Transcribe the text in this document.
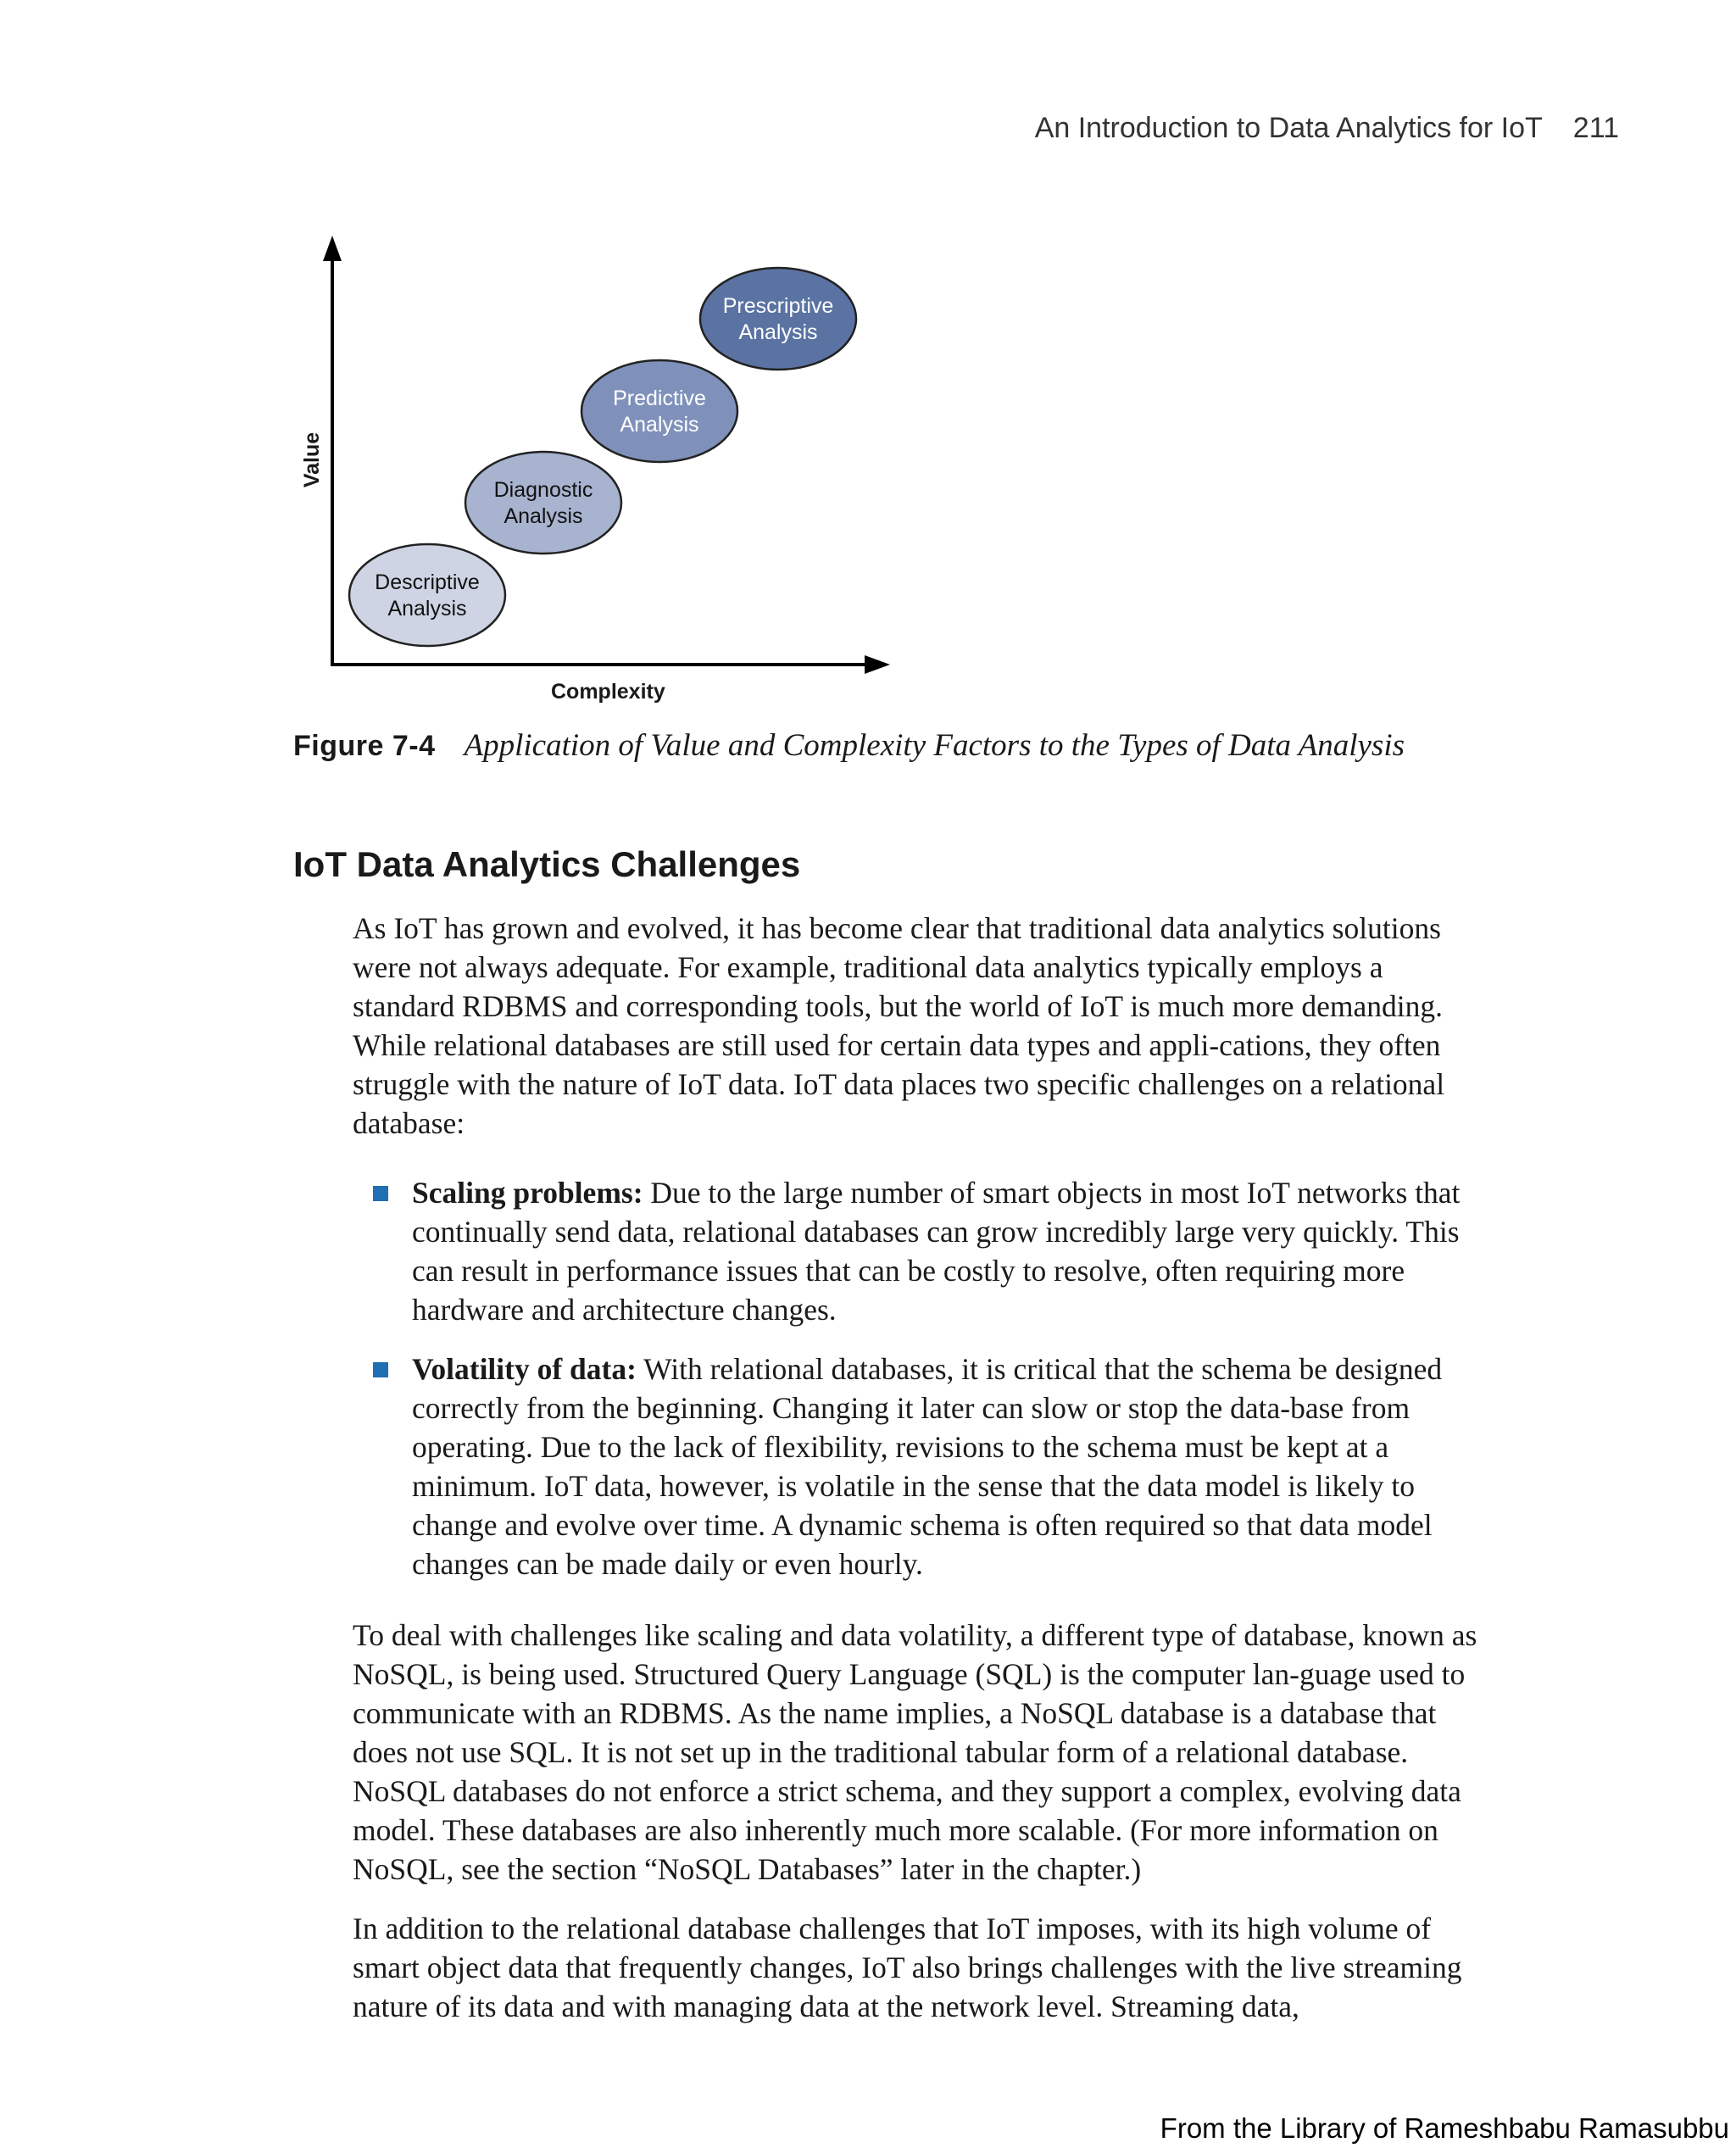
An Introduction to Data Analytics for IoT 211
Value
Complexity
Descriptive
Analysis
Diagnostic
Analysis
Predictive
Analysis
Prescriptive
Analysis
Figure 7-4 Application of Value and Complexity Factors to the Types of Data Analysis
IoT Data Analytics Challenges

As IoT has grown and evolved, it has become clear that traditional data analytics solutions were not always adequate. For example, traditional data analytics typically employs a standard RDBMS and corresponding tools, but the world of IoT is much more demanding. While relational databases are still used for certain data types and appli-cations, they often struggle with the nature of IoT data. IoT data places two specific challenges on a relational database:

Scaling problems: Due to the large number of smart objects in most IoT networks that continually send data, relational databases can grow incredibly large very quickly. This can result in performance issues that can be costly to resolve, often requiring more hardware and architecture changes.
Volatility of data: With relational databases, it is critical that the schema be designed correctly from the beginning. Changing it later can slow or stop the data-base from operating. Due to the lack of flexibility, revisions to the schema must be kept at a minimum. IoT data, however, is volatile in the sense that the data model is likely to change and evolve over time. A dynamic schema is often required so that data model changes can be made daily or even hourly.

To deal with challenges like scaling and data volatility, a different type of database, known as NoSQL, is being used. Structured Query Language (SQL) is the computer lan-guage used to communicate with an RDBMS. As the name implies, a NoSQL database is a database that does not use SQL. It is not set up in the traditional tabular form of a relational database. NoSQL databases do not enforce a strict schema, and they support a complex, evolving data model. These databases are also inherently much more scalable. (For more information on NoSQL, see the section “NoSQL Databases” later in the chapter.)

In addition to the relational database challenges that IoT imposes, with its high volume of smart object data that frequently changes, IoT also brings challenges with the live streaming nature of its data and with managing data at the network level. Streaming data,

From the Library of Rameshbabu Ramasubbu
